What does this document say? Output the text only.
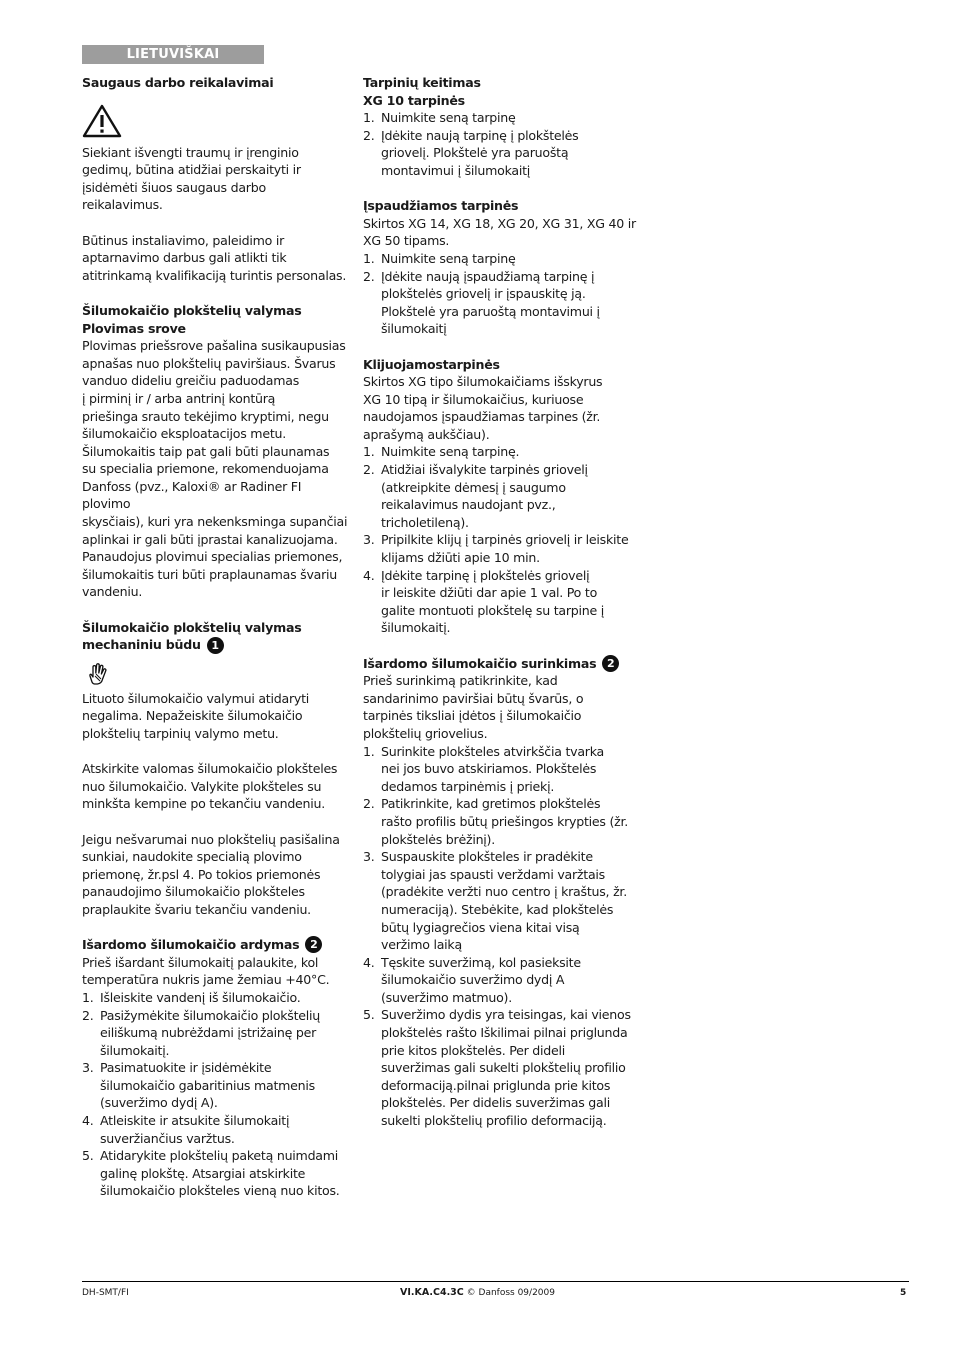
LIETUVIŠKAI

Saugaus darbo reikalavimai

Siekiant išvengti traumų ir įrenginio
gedimų, būtina atidžiai perskaityti ir
įsidėmėti šiuos saugaus darbo
reikalavimus.

Būtinus instaliavimo, paleidimo ir
aptarnavimo darbus gali atlikti tik
atitrinkamą kvalifikaciją turintis personalas.

Šilumokaičio plokštelių valymas

Plovimas srove

Plovimas priešsrove pašalina susikaupusias
apnašas nuo plokštelių paviršiaus. Švarus
vanduo dideliu greičiu paduodamas
į pirminį ir / arba antrinį kontūrą
priešinga srauto tekėjimo kryptimi, negu
šilumokaičio eksploatacijos metu.
Šilumokaitis taip pat gali būti plaunamas
su specialia priemone, rekomenduojama
Danfoss (pvz., Kaloxi® ar Radiner FI plovimo
skysčiais), kuri yra nekenksminga supančiai
aplinkai ir gali būti įprastai kanalizuojama.
Panaudojus plovimui specialias priemones,
šilumokaitis turi būti praplaunamas švariu
vandeniu.

Šilumokaičio plokštelių valymas

mechaniniu būdu 1

Lituoto šilumokaičio valymui atidaryti
negalima. Nepažeiskite šilumokaičio
plokštelių tarpinių valymo metu.

Atskirkite valomas šilumokaičio plokšteles
nuo šilumokaičio. Valykite plokšteles su
minkšta kempine po tekančiu vandeniu.

Jeigu nešvarumai nuo plokštelių pasišalina
sunkiai, naudokite specialią plovimo
priemonę, žr.psl 4. Po tokios priemonės
panaudojimo šilumokaičio plokšteles
praplaukite švariu tekančiu vandeniu.

Išardomo šilumokaičio ardymas 2

Prieš išardant šilumokaitį palaukite, kol
temperatūra nukris jame žemiau +40°C.

1. Išleiskite vandenį iš šilumokaičio.
2. Pasižymėkite šilumokaičio plokštelių
eiliškumą nubrėždami įstrižainę per
šilumokaitį.
3. Pasimatuokite ir įsidėmėkite
šilumokaičio gabaritinius matmenis
(suveržimo dydį A).
4. Atleiskite ir atsukite šilumokaitį
suveržiančius varžtus.
5. Atidarykite plokštelių paketą nuimdami
galinę plokštę. Atsargiai atskirkite
šilumokaičio plokšteles vieną nuo kitos.

Tarpinių keitimas

XG 10 tarpinės

1. Nuimkite seną tarpinę
2. Įdėkite naują tarpinę į plokštelės
griovelį. Plokštelė yra paruoštą
montavimui į šilumokaitį

Įspaudžiamos tarpinės

Skirtos XG 14, XG 18, XG 20, XG 31, XG 40 ir
XG 50 tipams.

1. Nuimkite seną tarpinę
2. Įdėkite naują įspaudžiamą tarpinę į
plokštelės griovelį ir įspauskitę ją.
Plokštelė yra paruoštą montavimui į
šilumokaitį

Klijuojamostarpinės

Skirtos XG tipo šilumokaičiams išskyrus
XG 10 tipą ir šilumokaičius, kuriuose
naudojamos įspaudžiamas tarpines (žr.
aprašymą aukščiau).

1. Nuimkite seną tarpinę.
2. Atidžiai išvalykite tarpinės griovelį
(atkreipkite dėmesį į saugumo
reikalavimus naudojant pvz.,
tricholetileną).
3. Pripilkite klijų į tarpinės griovelį ir leiskite
klijams džiūti apie 10 min.
4. Įdėkite tarpinę į plokštelės griovelį
ir leiskite džiūti dar apie 1 val. Po to
galite montuoti plokštelę su tarpine į
šilumokaitį.
Išardomo šilumokaičio surinkimas 2

Prieš surinkimą patikrinkite, kad
sandarinimo paviršiai būtų švarūs, o
tarpinės tiksliai įdėtos į šilumokaičio
plokštelių griovelius.

1. Surinkite plokšteles atvirkščia tvarka
nei jos buvo atskiriamos. Plokštelės
dedamos tarpinėmis į priekį.
2. Patikrinkite, kad gretimos plokštelės
rašto profilis būtų priešingos krypties (žr.
plokštelės brėžinį).
3. Suspauskite plokšteles ir pradėkite
tolygiai jas spausti verždami varžtais
(pradėkite veržti nuo centro į kraštus, žr.
numeraciją). Stebėkite, kad plokštelės
būtų lygiagrečios viena kitai visą
veržimo laiką
4. Tęskite suveržimą, kol pasieksite
šilumokaičio suveržimo dydį A
(suveržimo matmuo).
5. Suveržimo dydis yra teisingas, kai vienos
plokštelės rašto Iškilimai pilnai priglunda
prie kitos plokštelės. Per dideli
suveržimas gali sukelti plokštelių profilio
deformaciją.pilnai priglunda prie kitos
plokštelės. Per didelis suveržimas gali
sukelti plokštelių profilio deformaciją.
DH-SMT/FI	VI.KA.C4.3C © Danfoss 09/2009	5
